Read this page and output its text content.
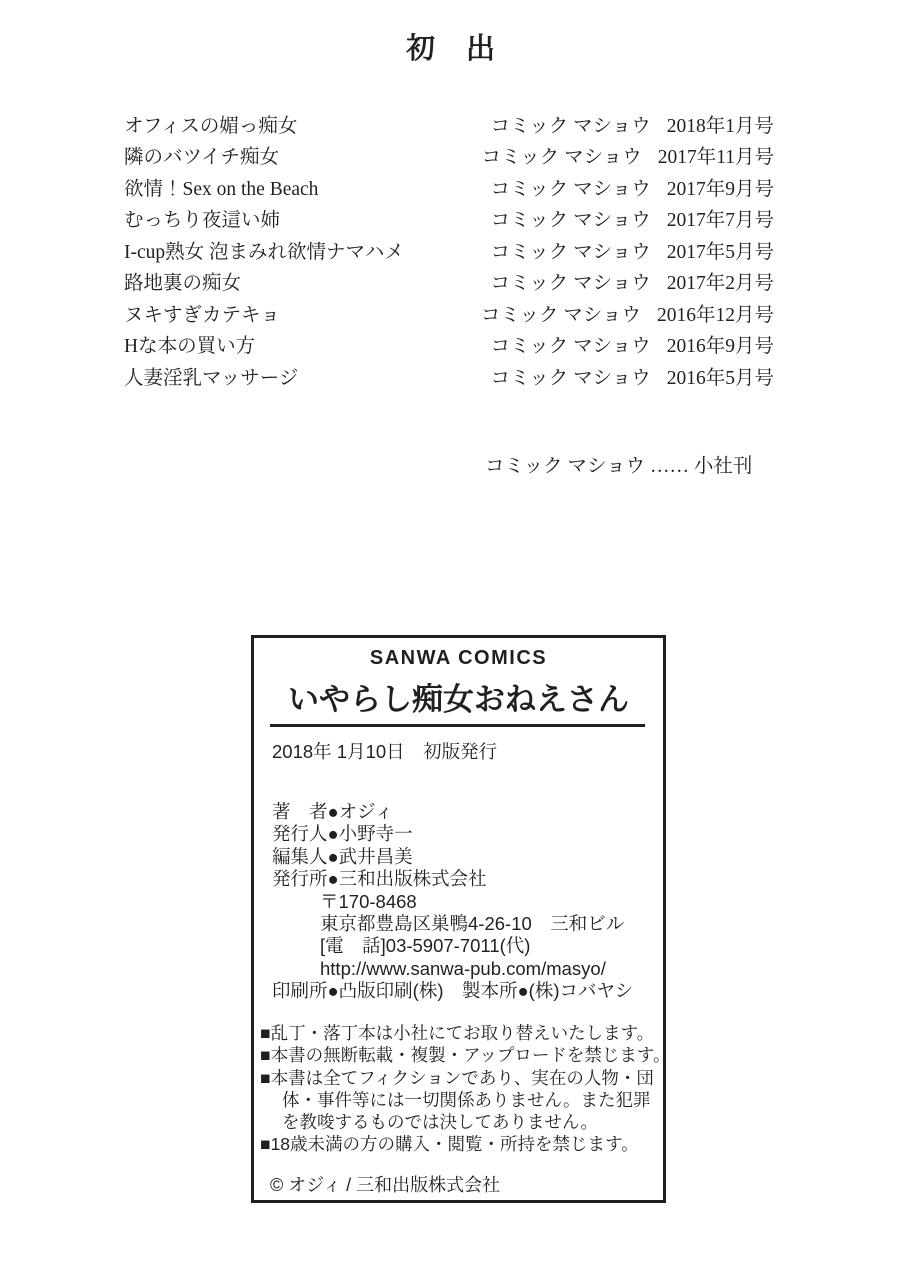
初　出
オフィスの媚っ痴女	コミック マショウ 2018年1月号
隣のバツイチ痴女	コミック マショウ 2017年11月号
欲情！Sex on the Beach	コミック マショウ 2017年9月号
むっちり夜這い姉	コミック マショウ 2017年7月号
I-cup熟女 泡まみれ欲情ナマハメ	コミック マショウ 2017年5月号
路地裏の痴女	コミック マショウ 2017年2月号
ヌキすぎカテキョ	コミック マショウ 2016年12月号
Hな本の買い方	コミック マショウ 2016年9月号
人妻淫乳マッサージ	コミック マショウ 2016年5月号
コミック マショウ …… 小社刊
SANWA COMICS
いやらし痴女おねえさん
2018年 1月10日　初版発行
著　者●オジィ
発行人●小野寺一
編集人●武井昌美
発行所●三和出版株式会社
〒170-8468
東京都豊島区巣鴨4-26-10　三和ビル
[電　話]03-5907-7011(代)
http://www.sanwa-pub.com/masyo/
印刷所●凸版印刷(株)　製本所●(株)コバヤシ
■乱丁・落丁本は小社にてお取り替えいたします。
■本書の無断転載・複製・アップロードを禁じます。
■本書は全てフィクションであり、実在の人物・団
体・事件等には一切関係ありません。また犯罪
を教唆するものでは決してありません。
■18歳未満の方の購入・閲覧・所持を禁じます。
© オジィ / 三和出版株式会社
